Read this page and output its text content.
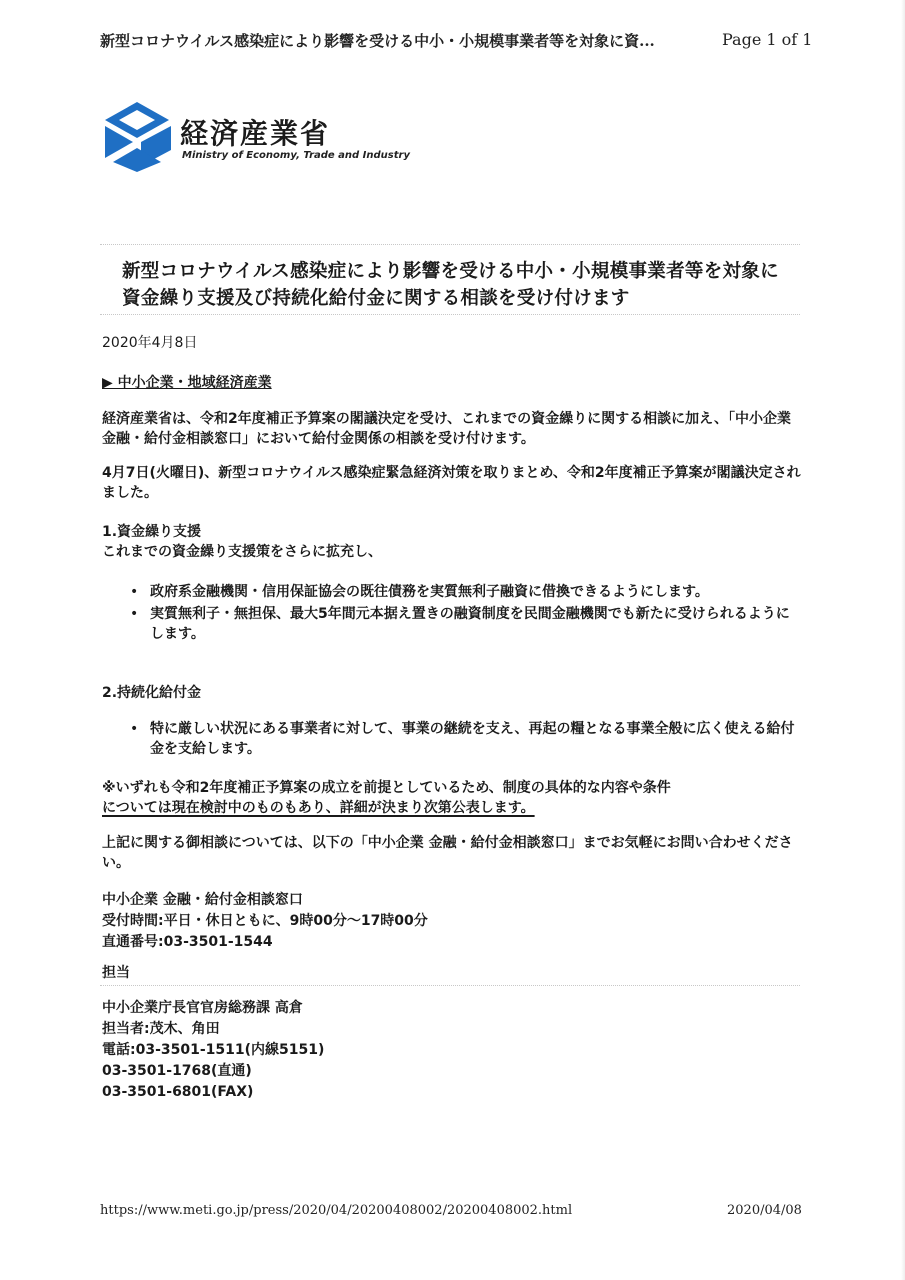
新型コロナウイルス感染症により影響を受ける中小・小規模事業者等を対象に資...	Page 1 of 1
経済産業省
Ministry of Economy, Trade and Industry
新型コロナウイルス感染症により影響を受ける中小・小規模事業者等を対象に資金繰り支援及び持続化給付金に関する相談を受け付けます
2020年4月8日
▶ 中小企業・地域経済産業
経済産業省は、令和2年度補正予算案の閣議決定を受け、これまでの資金繰りに関する相談に加え、「中小企業 金融・給付金相談窓口」において給付金関係の相談を受け付けます。
4月7日(火曜日)、新型コロナウイルス感染症緊急経済対策を取りまとめ、令和2年度補正予算案が閣議決定されました。
1.資金繰り支援
これまでの資金繰り支援策をさらに拡充し、
• 政府系金融機関・信用保証協会の既往債務を実質無利子融資に借換できるようにします。
• 実質無利子・無担保、最大5年間元本据え置きの融資制度を民間金融機関でも新たに受けられるようにします。
2.持続化給付金
• 特に厳しい状況にある事業者に対して、事業の継続を支え、再起の糧となる事業全般に広く使える給付金を支給します。
※いずれも令和2年度補正予算案の成立を前提としているため、制度の具体的な内容や条件
については現在検討中のものもあり、詳細が決まり次第公表します。
上記に関する御相談については、以下の「中小企業 金融・給付金相談窓口」までお気軽にお問い合わせください。
中小企業 金融・給付金相談窓口
受付時間:平日・休日ともに、9時00分～17時00分
直通番号:03-3501-1544
担当
中小企業庁長官官房総務課 高倉
担当者:茂木、角田
電話:03-3501-1511(内線5151)
03-3501-1768(直通)
03-3501-6801(FAX)
https://www.meti.go.jp/press/2020/04/20200408002/20200408002.html	2020/04/08
